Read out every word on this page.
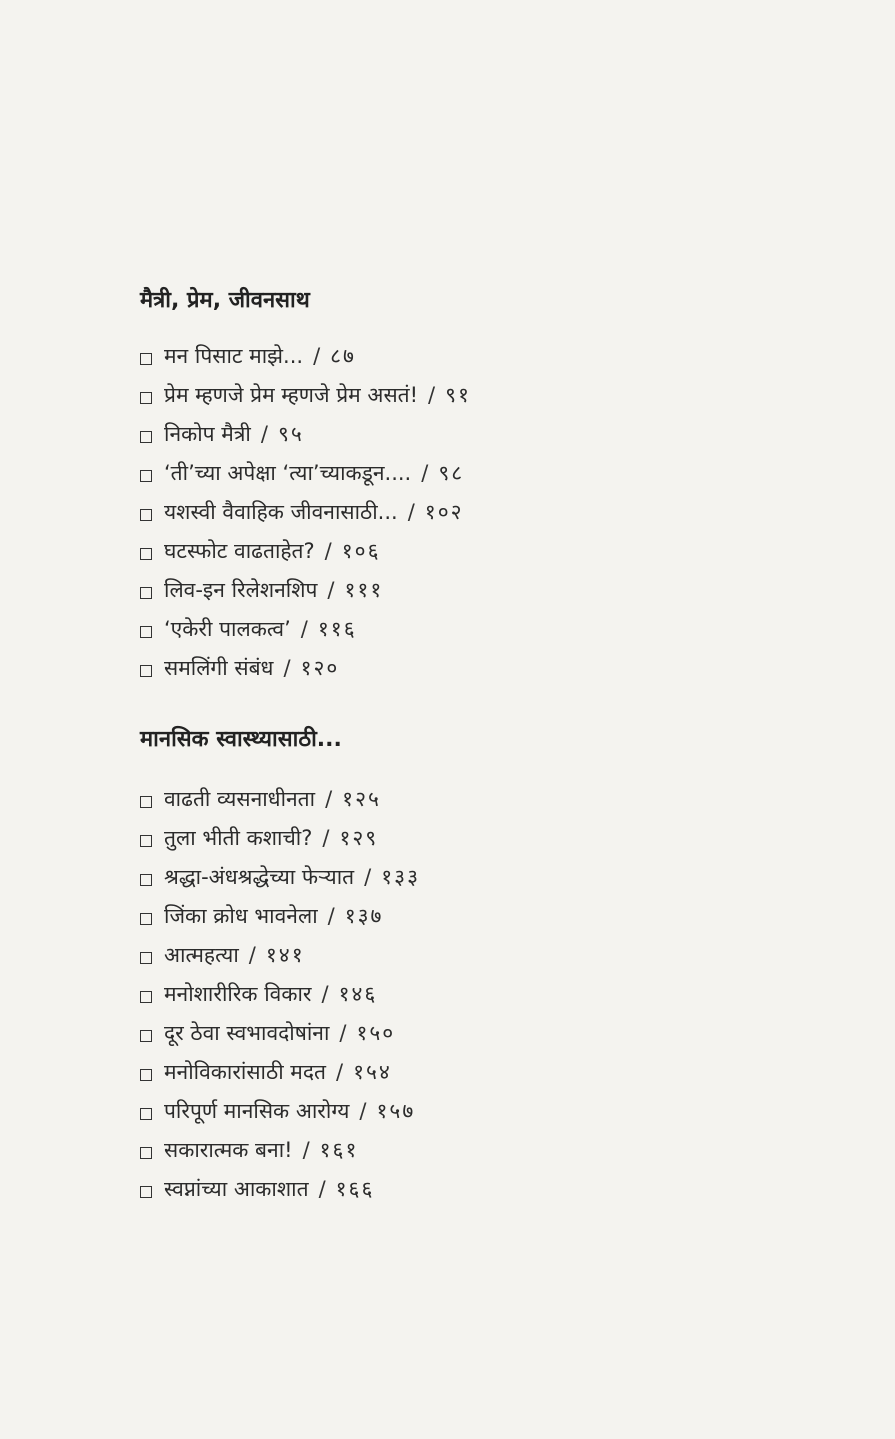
मैत्री, प्रेम, जीवनसाथ
मन पिसाट माझे... / ८७
प्रेम म्हणजे प्रेम म्हणजे प्रेम असतं! / ९१
निकोप मैत्री / ९५
‘ती’च्या अपेक्षा ‘त्या’च्याकडून.... / ९८
यशस्वी वैवाहिक जीवनासाठी... / १०२
घटस्फोट वाढताहेत? / १०६
लिव-इन रिलेशनशिप / १११
‘एकेरी पालकत्व’ / ११६
समलिंगी संबंध / १२०
मानसिक स्वास्थ्यासाठी...
वाढती व्यसनाधीनता / १२५
तुला भीती कशाची? / १२९
श्रद्धा-अंधश्रद्धेच्या फेऱ्यात / १३३
जिंका क्रोध भावनेला / १३७
आत्महत्या / १४१
मनोशारीरिक विकार / १४६
दूर ठेवा स्वभावदोषांना / १५०
मनोविकारांसाठी मदत / १५४
परिपूर्ण मानसिक आरोग्य / १५७
सकारात्मक बना! / १६१
स्वप्नांच्या आकाशात / १६६
